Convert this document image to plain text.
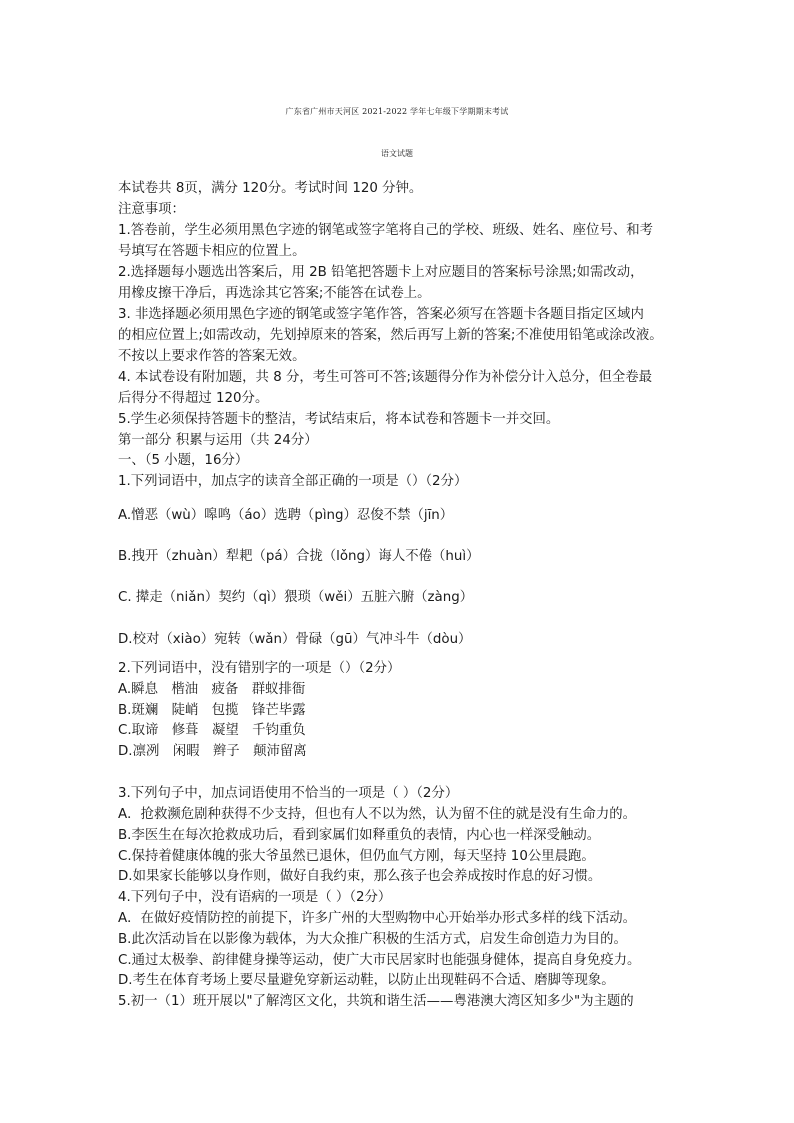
广东省广州市天河区 2021-2022 学年七年级下学期期末考试
语文试题
本试卷共 8页，满分 120分。考试时间 120 分钟。
注意事项：
1.答卷前，学生必须用黑色字迹的钢笔或签字笔将自己的学校、班级、姓名、座位号、和考
号填写在答题卡相应的位置上。
2.选择题每小题选出答案后，用 2B 铅笔把答题卡上对应题目的答案标号涂黑;如需改动，
用橡皮擦干净后，再选涂其它答案;不能答在试卷上。
3. 非选择题必须用黑色字迹的钢笔或签字笔作答，答案必须写在答题卡各题目指定区域内
的相应位置上;如需改动，先划掉原来的答案，然后再写上新的答案;不准使用铅笔或涂改液。
不按以上要求作答的答案无效。
4. 本试卷设有附加题，共 8 分，考生可答可不答;该题得分作为补偿分计入总分，但全卷最
后得分不得超过 120分。
5.学生必须保持答题卡的整洁，考试结束后，将本试卷和答题卡一并交回。
第一部分 积累与运用（共 24分）
一、（5 小题，16分）
1.下列词语中，加点字的读音全部正确的一项是（）（2分）
A.憎恶（wù）嗥鸣（áo）选聘（pìng）忍俊不禁（jīn）
B.拽开（zhuàn）犁耙（pá）合拢（lǒng）诲人不倦（huì）
C. 撵走（niǎn）契约（qì）猥琐（wěi）五脏六腑（zàng）
D.校对（xiào）宛转（wǎn）骨碌（gū）气冲斗牛（dòu）
2.下列词语中，没有错别字的一项是（）（2分）
A.瞬息　楷油　疲备　群蚁排衙
B.斑斓　陡峭　包揽　锋芒毕露
C.取谛　修葺　凝望　千钧重负
D.凛冽　闲暇　辫子　颠沛留离
3.下列句子中，加点词语使用不恰当的一项是（ ）（2分）
A．抢救濒危剧种获得不少支持，但也有人不以为然，认为留不住的就是没有生命力的。
B.李医生在每次抢救成功后，看到家属们如释重负的表情，内心也一样深受触动。
C.保持着健康体魄的张大爷虽然已退休，但仍血气方刚，每天坚持 10公里晨跑。
D.如果家长能够以身作则，做好自我约束，那么孩子也会养成按时作息的好习惯。
4.下列句子中，没有语病的一项是（ ）（2分）
A．在做好疫情防控的前提下，许多广州的大型购物中心开始举办形式多样的线下活动。
B.此次活动旨在以影像为载体，为大众推广积极的生活方式，启发生命创造力为目的。
C.通过太极拳、韵律健身操等运动，使广大市民居家时也能强身健体，提高自身免疫力。
D.考生在体育考场上要尽量避免穿新运动鞋，以防止出现鞋码不合适、磨脚等现象。
5.初一（1）班开展以"了解湾区文化，共筑和谐生活——粤港澳大湾区知多少"为主题的
